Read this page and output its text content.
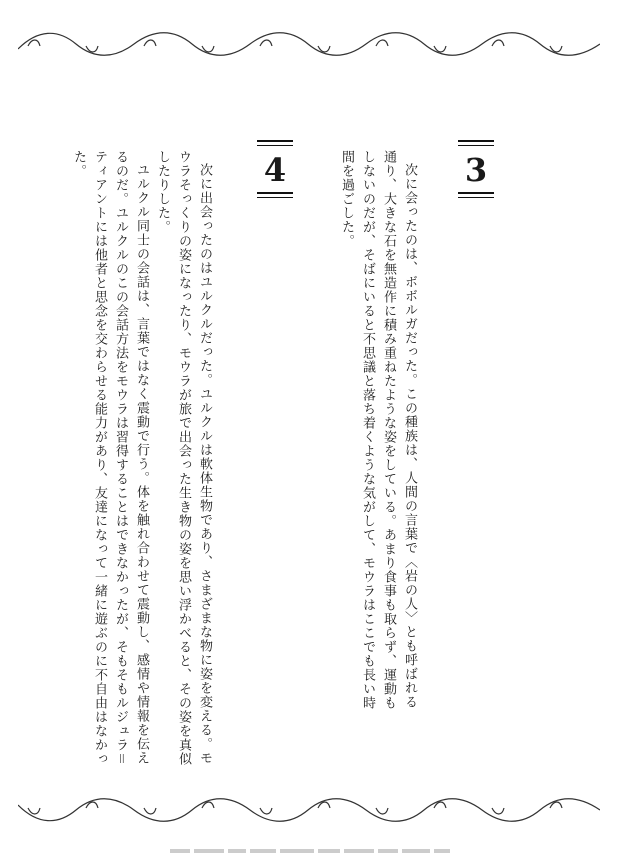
3
4	次に会ったのは、ボボルガだった。この種族は、人間の言葉で〈岩の人〉とも呼ばれる通り、大きな石を無造作に積み重ねたような姿をしている。あまり食事も取らず、運動もしないのだが、そばにいると不思議と落ち着くような気がして、モウラはここでも長い時間を過ごした。

次に出会ったのはユルクルだった。ユルクルは軟体生物であり、さまざまな物に姿を変える。モウラそっくりの姿になったり、モウラが旅で出会った生き物の姿を思い浮かべると、その姿を真似したりした。

ユルクル同士の会話は、言葉ではなく震動で行う。体を触れ合わせて震動し、感情や情報を伝えるのだ。ユルクルのこの会話方法をモウラは習得することはできなかったが、そもそもルジュラ＝ティアントには他者と思念を交わらせる能力があり、友達になって一緒に遊ぶのに不自由はなかった。
